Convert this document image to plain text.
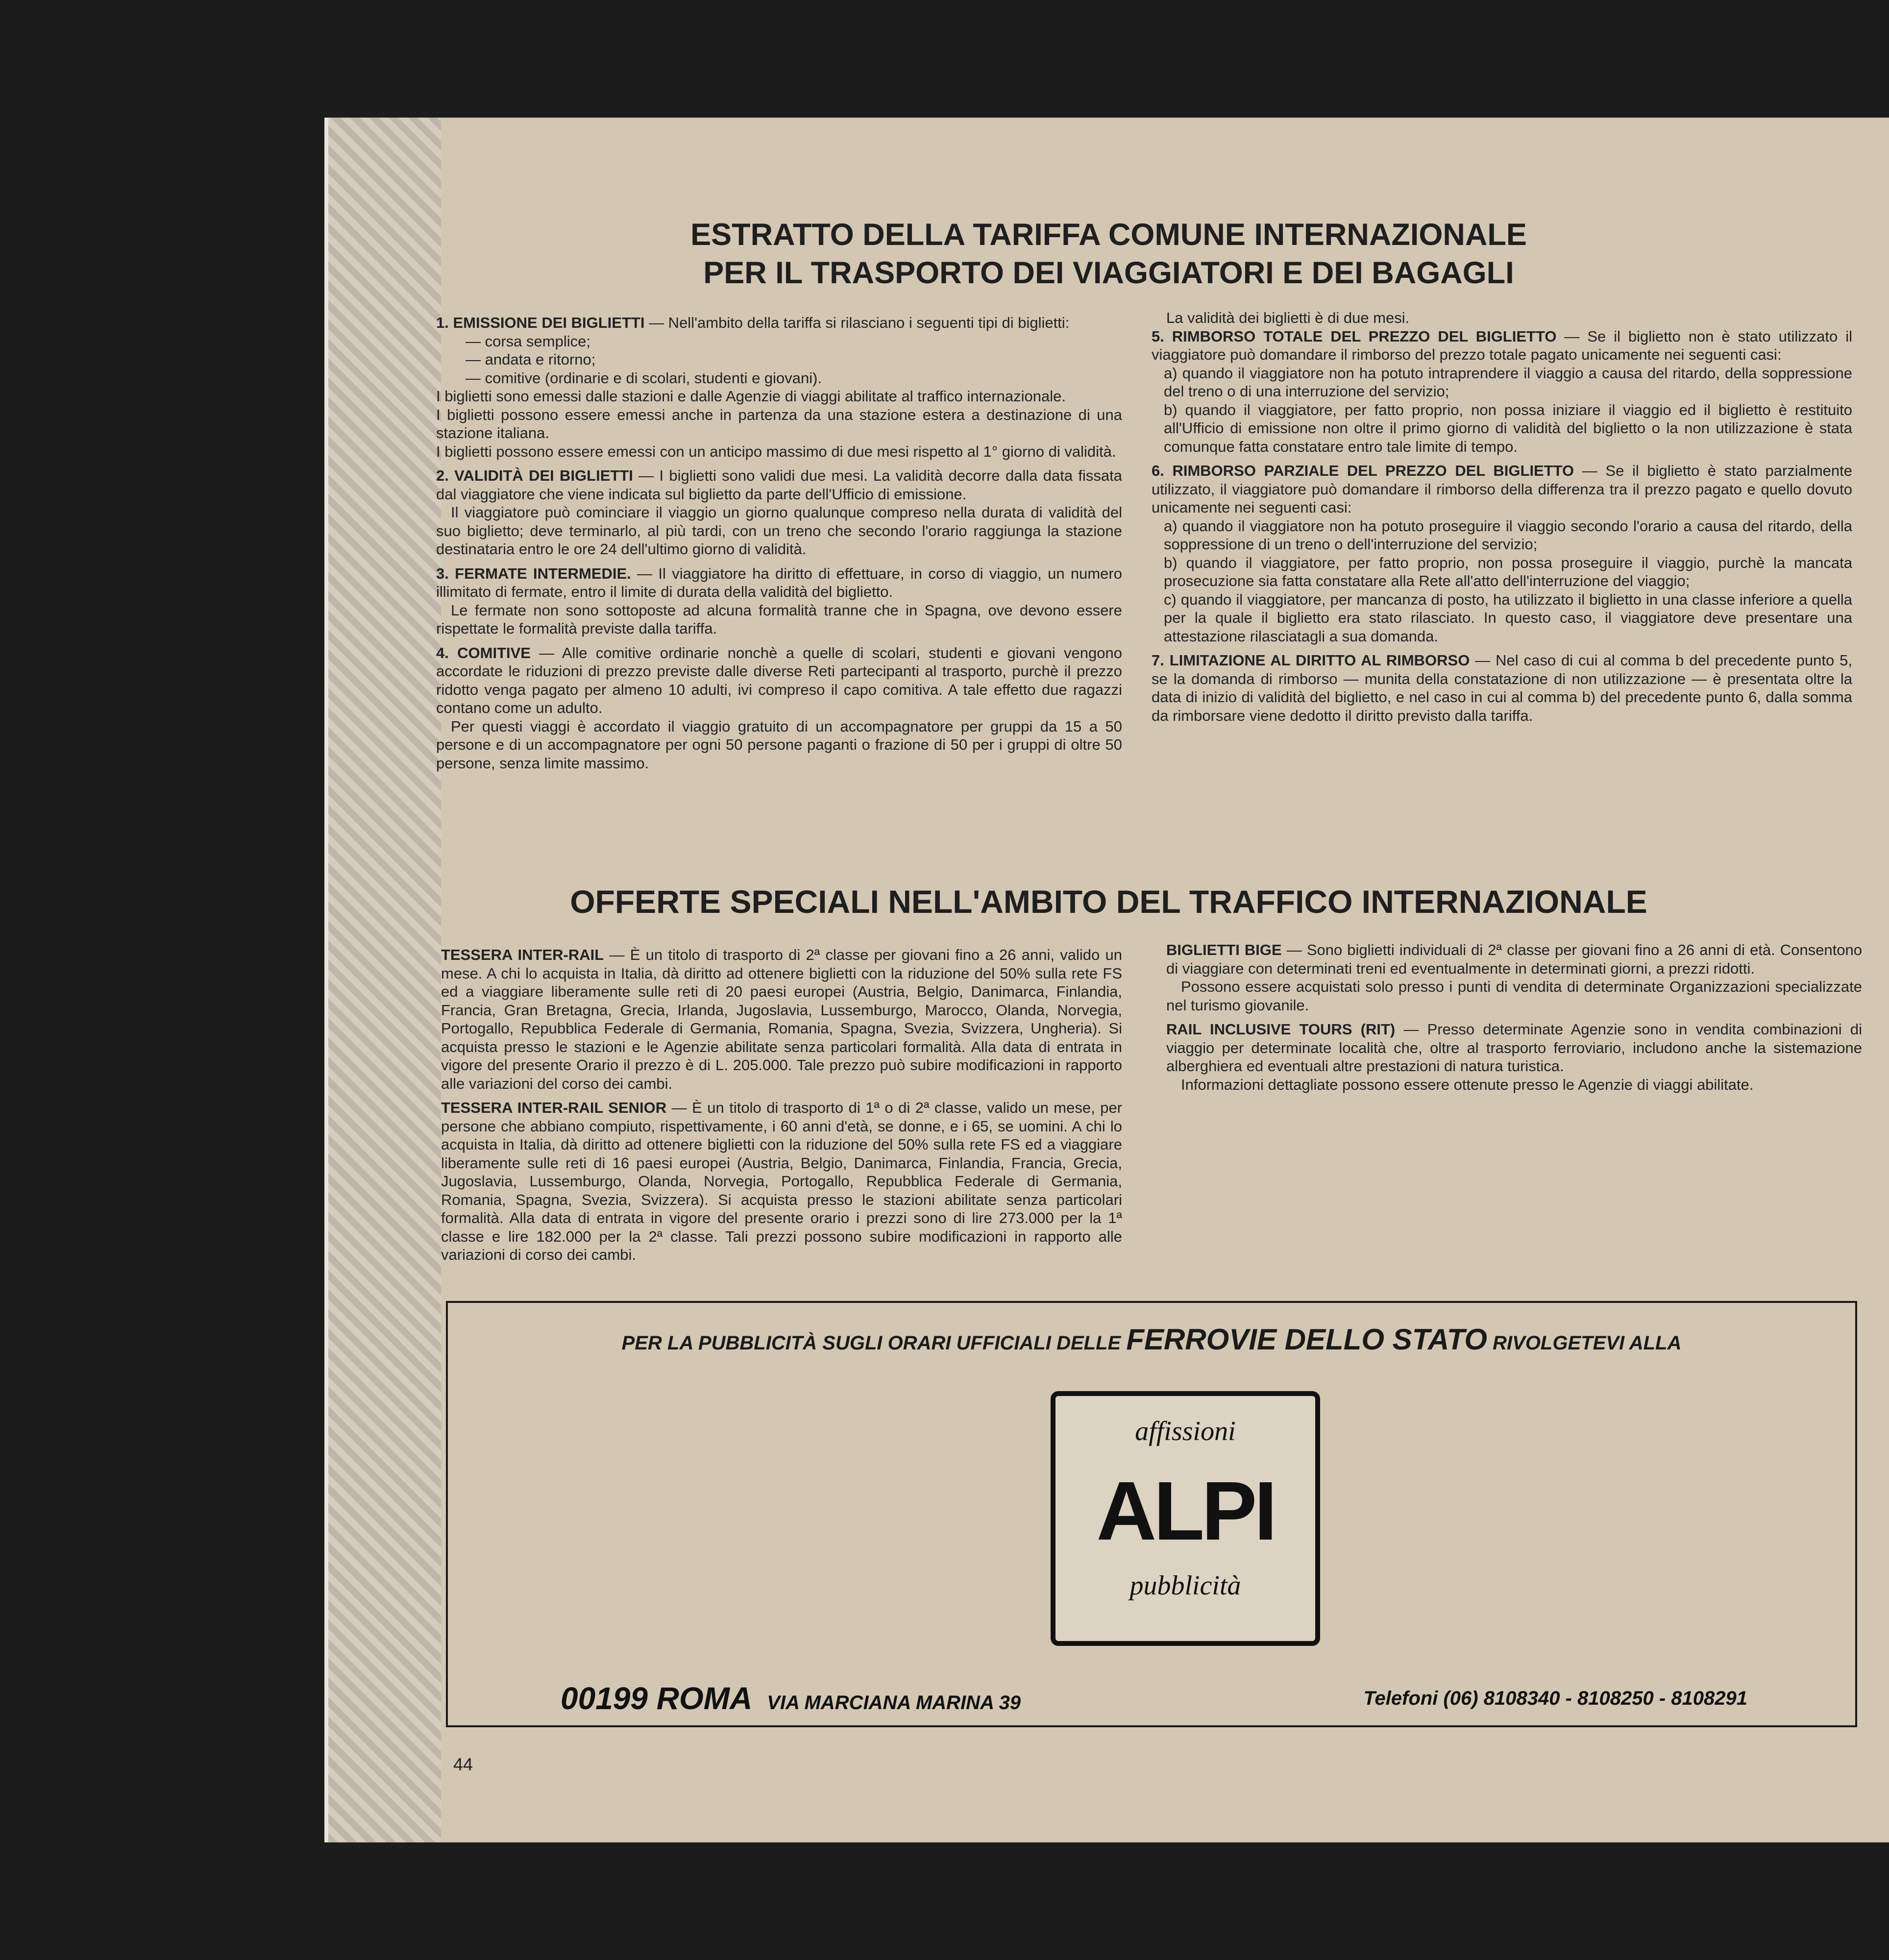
ESTRATTO DELLA TARIFFA COMUNE INTERNAZIONALE
PER IL TRASPORTO DEI VIAGGIATORI E DEI BAGAGLI

1. EMISSIONE DEI BIGLIETTI — Nell'ambito della tariffa si rilasciano i seguenti tipi di biglietti:

— corsa semplice;

— andata e ritorno;

— comitive (ordinarie e di scolari, studenti e giovani).

I biglietti sono emessi dalle stazioni e dalle Agenzie di viaggi abilitate al traffico internazionale.

I biglietti possono essere emessi anche in partenza da una stazione estera a destinazione di una stazione italiana.

I biglietti possono essere emessi con un anticipo massimo di due mesi rispetto al 1° giorno di validità.

2. VALIDITÀ DEI BIGLIETTI — I biglietti sono validi due mesi. La validità decorre dalla data fissata dal viaggiatore che viene indicata sul biglietto da parte dell'Ufficio di emissione.

Il viaggiatore può cominciare il viaggio un giorno qualunque compreso nella durata di validità del suo biglietto; deve terminarlo, al più tardi, con un treno che secondo l'orario raggiunga la stazione destinataria entro le ore 24 dell'ultimo giorno di validità.

3. FERMATE INTERMEDIE. — Il viaggiatore ha diritto di effettuare, in corso di viaggio, un numero illimitato di fermate, entro il limite di durata della validità del biglietto.

Le fermate non sono sottoposte ad alcuna formalità tranne che in Spagna, ove devono essere rispettate le formalità previste dalla tariffa.

4. COMITIVE — Alle comitive ordinarie nonchè a quelle di scolari, studenti e giovani vengono accordate le riduzioni di prezzo previste dalle diverse Reti partecipanti al trasporto, purchè il prezzo ridotto venga pagato per almeno 10 adulti, ivi compreso il capo comitiva. A tale effetto due ragazzi contano come un adulto.

Per questi viaggi è accordato il viaggio gratuito di un accompagnatore per gruppi da 15 a 50 persone e di un accompagnatore per ogni 50 persone paganti o frazione di 50 per i gruppi di oltre 50 persone, senza limite massimo.

La validità dei biglietti è di due mesi.

5. RIMBORSO TOTALE DEL PREZZO DEL BIGLIETTO — Se il biglietto non è stato utilizzato il viaggiatore può domandare il rimborso del prezzo totale pagato unicamente nei seguenti casi:

a) quando il viaggiatore non ha potuto intraprendere il viaggio a causa del ritardo, della soppressione del treno o di una interruzione del servizio;

b) quando il viaggiatore, per fatto proprio, non possa iniziare il viaggio ed il biglietto è restituito all'Ufficio di emissione non oltre il primo giorno di validità del biglietto o la non utilizzazione è stata comunque fatta constatare entro tale limite di tempo.

6. RIMBORSO PARZIALE DEL PREZZO DEL BIGLIETTO — Se il biglietto è stato parzialmente utilizzato, il viaggiatore può domandare il rimborso della differenza tra il prezzo pagato e quello dovuto unicamente nei seguenti casi:

a) quando il viaggiatore non ha potuto proseguire il viaggio secondo l'orario a causa del ritardo, della soppressione di un treno o dell'interruzione del servizio;

b) quando il viaggiatore, per fatto proprio, non possa proseguire il viaggio, purchè la mancata prosecuzione sia fatta constatare alla Rete all'atto dell'interruzione del viaggio;

c) quando il viaggiatore, per mancanza di posto, ha utilizzato il biglietto in una classe inferiore a quella per la quale il biglietto era stato rilasciato. In questo caso, il viaggiatore deve presentare una attestazione rilasciatagli a sua domanda.

7. LIMITAZIONE AL DIRITTO AL RIMBORSO — Nel caso di cui al comma b del precedente punto 5, se la domanda di rimborso — munita della constatazione di non utilizzazione — è presentata oltre la data di inizio di validità del biglietto, e nel caso in cui al comma b) del precedente punto 6, dalla somma da rimborsare viene dedotto il diritto previsto dalla tariffa.

OFFERTE SPECIALI NELL'AMBITO DEL TRAFFICO INTERNAZIONALE

TESSERA INTER-RAIL — È un titolo di trasporto di 2ª classe per giovani fino a 26 anni, valido un mese. A chi lo acquista in Italia, dà diritto ad ottenere biglietti con la riduzione del 50% sulla rete FS ed a viaggiare liberamente sulle reti di 20 paesi europei (Austria, Belgio, Danimarca, Finlandia, Francia, Gran Bretagna, Grecia, Irlanda, Jugoslavia, Lussemburgo, Marocco, Olanda, Norvegia, Portogallo, Repubblica Federale di Germania, Romania, Spagna, Svezia, Svizzera, Ungheria). Si acquista presso le stazioni e le Agenzie abilitate senza particolari formalità. Alla data di entrata in vigore del presente Orario il prezzo è di L. 205.000. Tale prezzo può subire modificazioni in rapporto alle variazioni del corso dei cambi.

TESSERA INTER-RAIL SENIOR — È un titolo di trasporto di 1ª o di 2ª classe, valido un mese, per persone che abbiano compiuto, rispettivamente, i 60 anni d'età, se donne, e i 65, se uomini. A chi lo acquista in Italia, dà diritto ad ottenere biglietti con la riduzione del 50% sulla rete FS ed a viaggiare liberamente sulle reti di 16 paesi europei (Austria, Belgio, Danimarca, Finlandia, Francia, Grecia, Jugoslavia, Lussemburgo, Olanda, Norvegia, Portogallo, Repubblica Federale di Germania, Romania, Spagna, Svezia, Svizzera). Si acquista presso le stazioni abilitate senza particolari formalità. Alla data di entrata in vigore del presente orario i prezzi sono di lire 273.000 per la 1ª classe e lire 182.000 per la 2ª classe. Tali prezzi possono subire modificazioni in rapporto alle variazioni di corso dei cambi.

BIGLIETTI BIGE — Sono biglietti individuali di 2ª classe per giovani fino a 26 anni di età. Consentono di viaggiare con determinati treni ed eventualmente in determinati giorni, a prezzi ridotti.

Possono essere acquistati solo presso i punti di vendita di determinate Organizzazioni specializzate nel turismo giovanile.

RAIL INCLUSIVE TOURS (RIT) — Presso determinate Agenzie sono in vendita combinazioni di viaggio per determinate località che, oltre al trasporto ferroviario, includono anche la sistemazione alberghiera ed eventuali altre prestazioni di natura turistica.

Informazioni dettagliate possono essere ottenute presso le Agenzie di viaggi abilitate.

PER LA PUBBLICITÀ SUGLI ORARI UFFICIALI DELLE FERROVIE DELLO STATO RIVOLGETEVI ALLA

affissioni
ALPI
pubblicità
00199 ROMA VIA MARCIANA MARINA 39	Telefoni (06) 8108340 - 8108250 - 8108291
44
